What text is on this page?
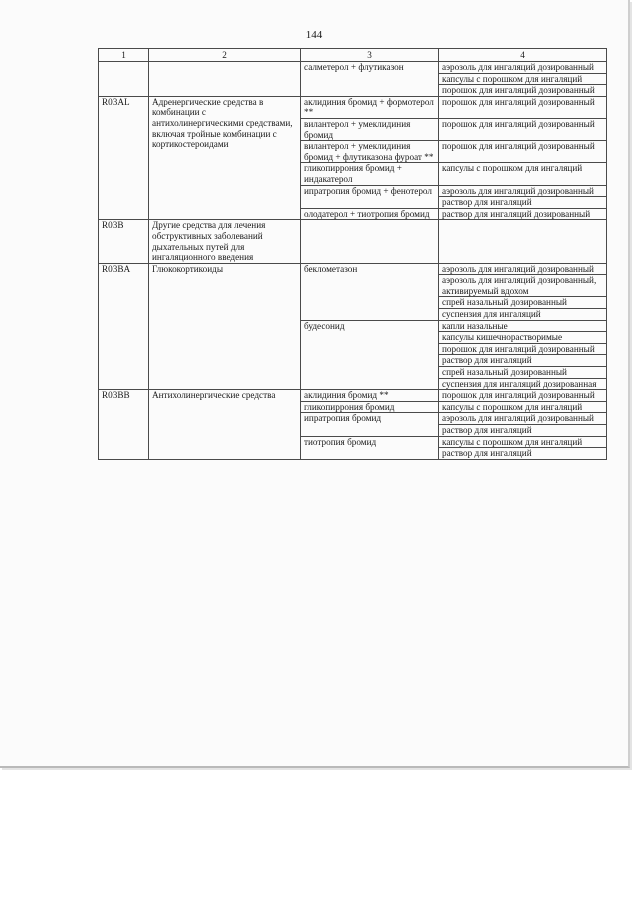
144
1	2	3	4
		салметерол + флутиказон	аэрозоль для ингаляций дозированный
			капсулы с порошком для ингаляций
			порошок для ингаляций дозированный
R03AL	Адренергические средства в комбинации с антихолинергическими средствами, включая тройные комбинации с кортикостероидами	аклидиния бромид + формотерол **	порошок для ингаляций дозированный
		вилантерол + умеклидиния бромид	порошок для ингаляций дозированный
		вилантерол + умеклидиния бромид + флутиказона фуроат **	порошок для ингаляций дозированный
		гликопиррония бромид + индакатерол	капсулы с порошком для ингаляций
		ипратропия бромид + фенотерол	аэрозоль для ингаляций дозированный
			раствор для ингаляций
		олодатерол + тиотропия бромид	раствор для ингаляций дозированный
R03B	Другие средства для лечения обструктивных заболеваний дыхательных путей для ингаляционного введения		
R03BA	Глюкокортикоиды	беклометазон	аэрозоль для ингаляций дозированный
			аэрозоль для ингаляций дозированный, активируемый вдохом
			спрей назальный дозированный
			суспензия для ингаляций
		будесонид	капли назальные
			капсулы кишечнорастворимые
			порошок для ингаляций дозированный
			раствор для ингаляций
			спрей назальный дозированный
			суспензия для ингаляций дозированная
R03BB	Антихолинергические средства	аклидиния бромид **	порошок для ингаляций дозированный
		гликопиррония бромид	капсулы с порошком для ингаляций
		ипратропия бромид	аэрозоль для ингаляций дозированный
			раствор для ингаляций
		тиотропия бромид	капсулы с порошком для ингаляций
			раствор для ингаляций
